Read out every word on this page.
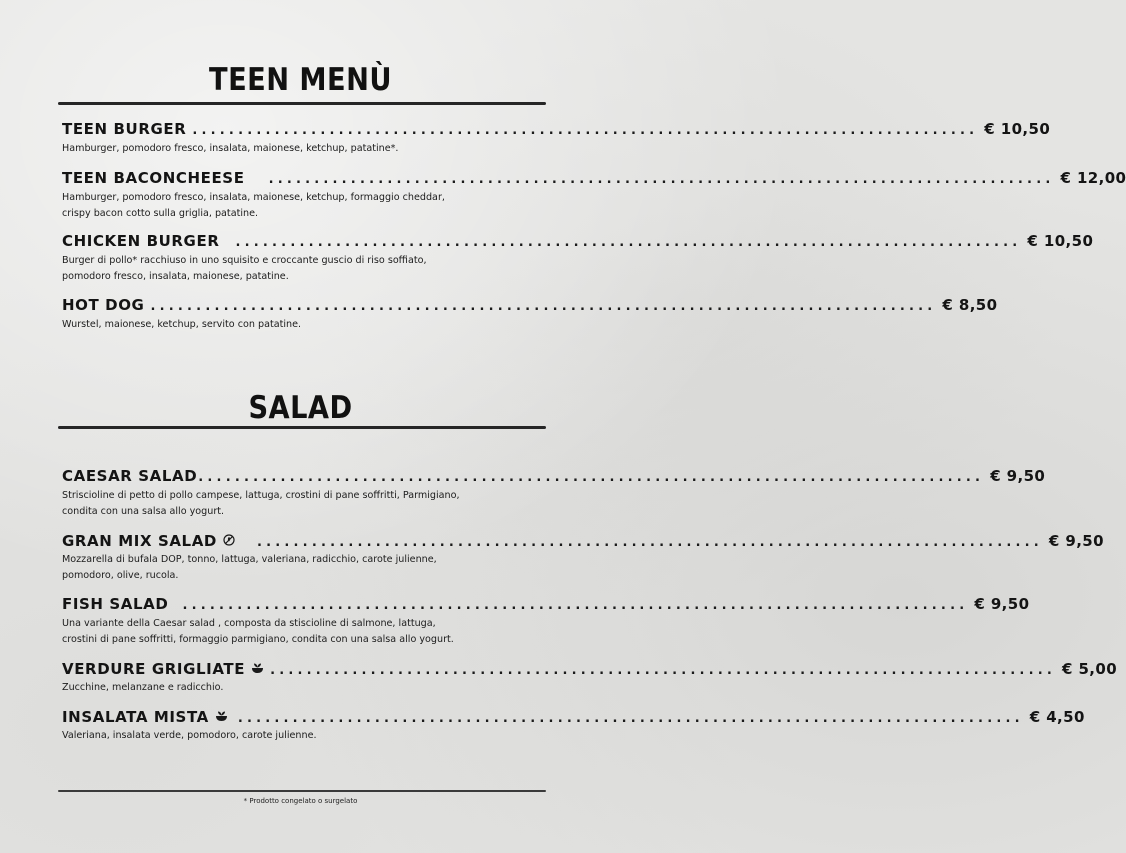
TEEN MENÙ
TEEN BURGER ...................................................................................... € 10,50
Hamburger, pomodoro fresco, insalata, maionese, ketchup, patatine*.
TEEN BACONCHEESE ...................................................................................... € 12,00
Hamburger, pomodoro fresco, insalata, maionese, ketchup, formaggio cheddar,
crispy bacon cotto sulla griglia, patatine.
CHICKEN BURGER ...................................................................................... € 10,50
Burger di pollo* racchiuso in uno squisito e croccante guscio di riso soffiato,
pomodoro fresco, insalata, maionese, patatine.
HOT DOG ...................................................................................... € 8,50
Wurstel, maionese, ketchup, servito con patatine.
SALAD
CAESAR SALAD ...................................................................................... € 9,50
Striscioline di petto di pollo campese, lattuga, crostini di pane soffritti, Parmigiano,
condita con una salsa allo yogurt.
GRAN MIX SALAD	...................................................................................... € 9,50
Mozzarella di bufala DOP, tonno, lattuga, valeriana, radicchio, carote julienne,
pomodoro, olive, rucola.
FISH SALAD ...................................................................................... € 9,50
Una variante della Caesar salad , composta da stiscioline di salmone, lattuga,
crostini di pane soffritti, formaggio parmigiano, condita con una salsa allo yogurt.
VERDURE GRIGLIATE ...................................................................................... € 5,00
Zucchine, melanzane e radicchio.
INSALATA MISTA ...................................................................................... € 4,50
Valeriana, insalata verde, pomodoro, carote julienne.
* Prodotto congelato o surgelato
